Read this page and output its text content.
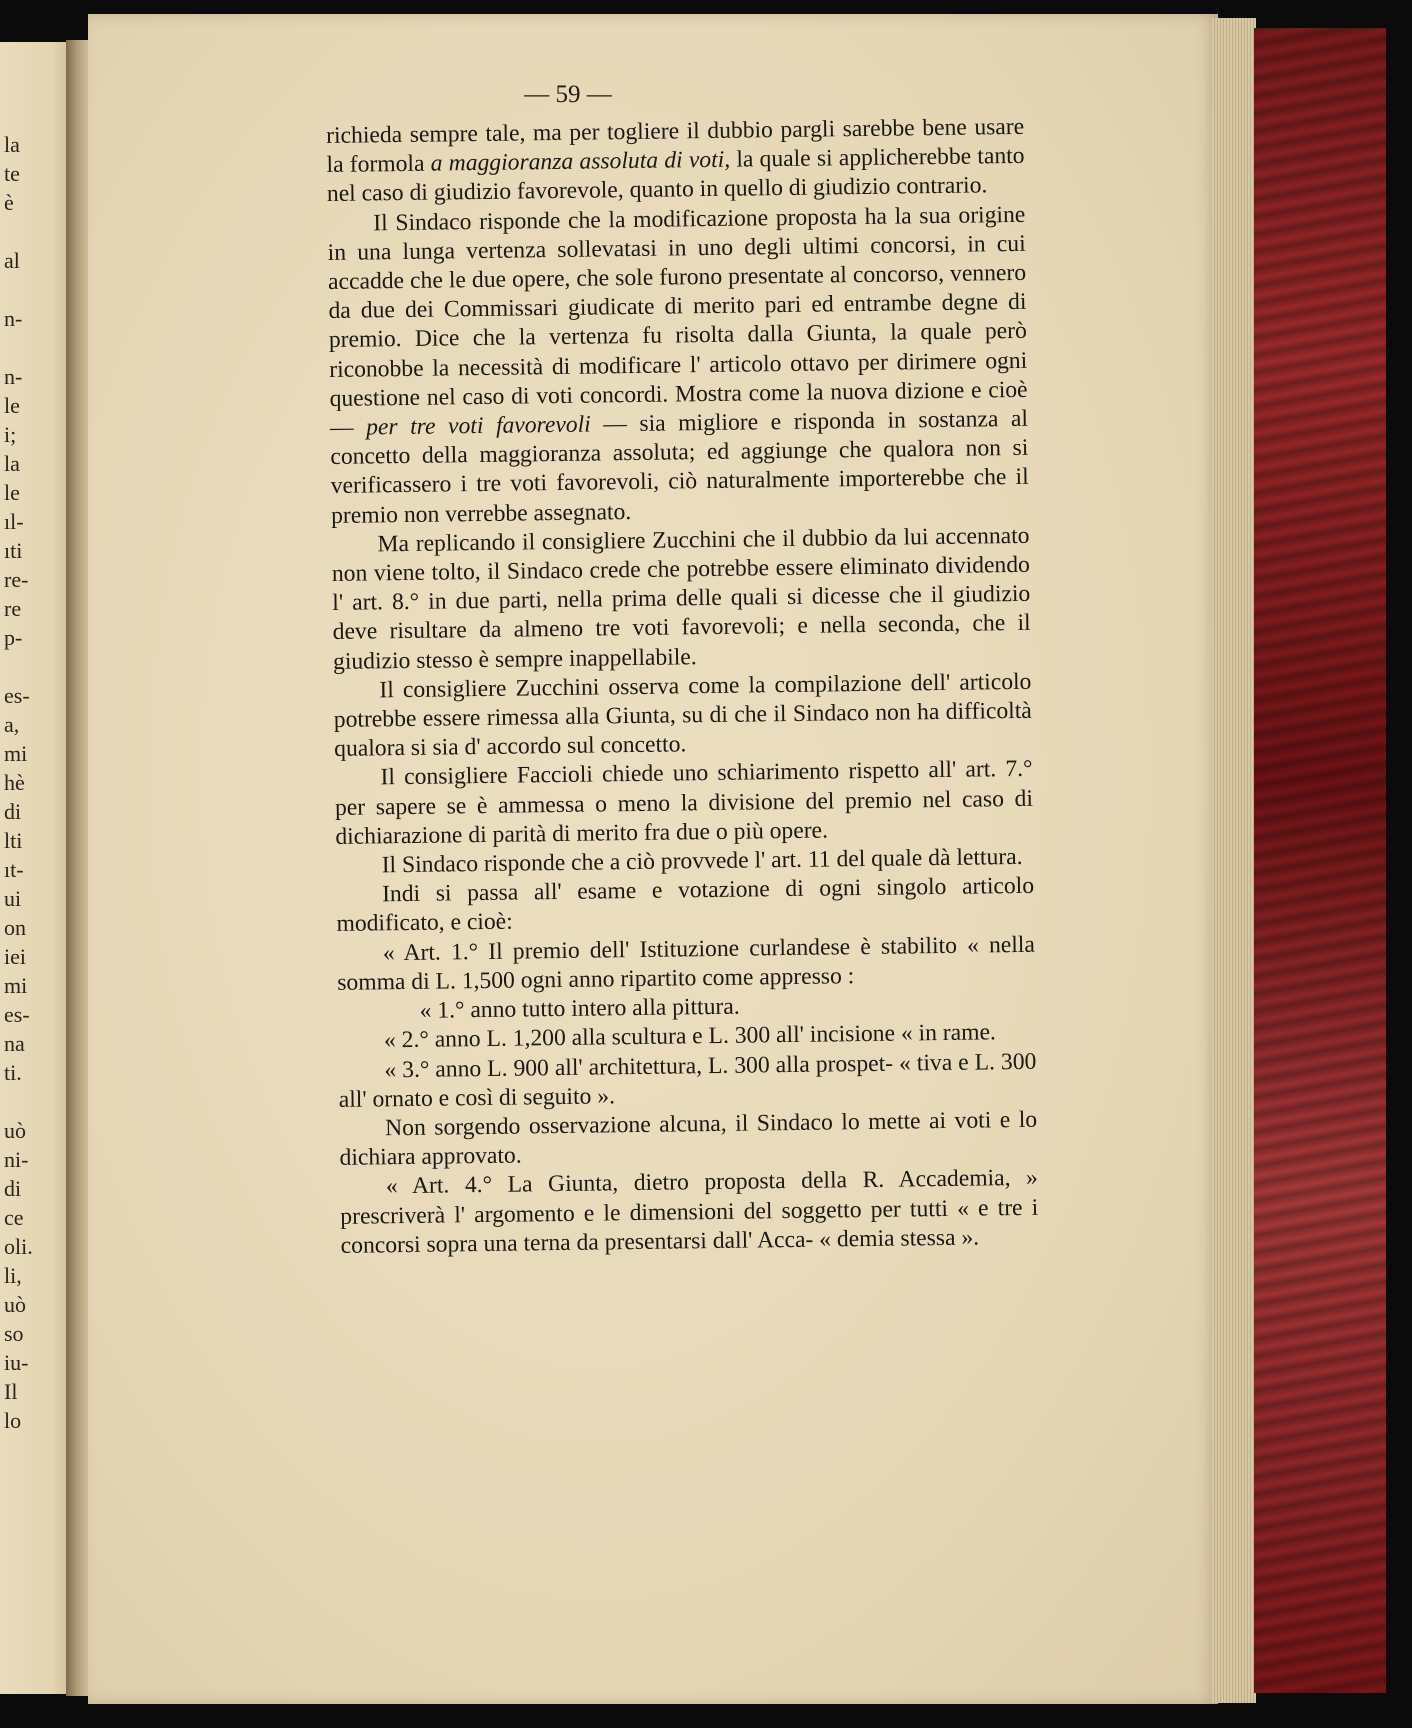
la
te
è
al
n-
n-
le
i;
la
le
ıl-
ıti
re-
re
p-
es-
a,
mi
hè
di
lti
ıt-
ui
on
iei
mi
es-
na
ti.
uò
ni-
di
ce
oli.
li,
uò
so
iu-
Il
lo
— 59 —

richieda sempre tale, ma per togliere il dubbio pargli sarebbe bene usare la formola a maggioranza assoluta di voti, la quale si applicherebbe tanto nel caso di giudizio favorevole, quanto in quello di giudizio contrario.

Il Sindaco risponde che la modificazione proposta ha la sua origine in una lunga vertenza sollevatasi in uno degli ultimi concorsi, in cui accadde che le due opere, che sole furono presentate al concorso, vennero da due dei Commissari giudicate di merito pari ed entrambe degne di premio. Dice che la vertenza fu risolta dalla Giunta, la quale però riconobbe la necessità di modificare l' articolo ottavo per dirimere ogni questione nel caso di voti concordi. Mostra come la nuova dizione e cioè — per tre voti favorevoli — sia migliore e risponda in sostanza al concetto della maggioranza assoluta; ed aggiunge che qualora non si verificassero i tre voti favorevoli, ciò naturalmente importerebbe che il premio non verrebbe assegnato.

Ma replicando il consigliere Zucchini che il dubbio da lui accennato non viene tolto, il Sindaco crede che potrebbe essere eliminato dividendo l' art. 8.° in due parti, nella prima delle quali si dicesse che il giudizio deve risultare da almeno tre voti favorevoli; e nella seconda, che il giudizio stesso è sempre inappellabile.

Il consigliere Zucchini osserva come la compilazione dell' articolo potrebbe essere rimessa alla Giunta, su di che il Sindaco non ha difficoltà qualora si sia d' accordo sul concetto.

Il consigliere Faccioli chiede uno schiarimento rispetto all' art. 7.° per sapere se è ammessa o meno la divisione del premio nel caso di dichiarazione di parità di merito fra due o più opere.

Il Sindaco risponde che a ciò provvede l' art. 11 del quale dà lettura.

Indi si passa all' esame e votazione di ogni singolo articolo modificato, e cioè:

« Art. 1.° Il premio dell' Istituzione curlandese è stabilito « nella somma di L. 1,500 ogni anno ripartito come appresso :

« 1.° anno tutto intero alla pittura.

« 2.° anno L. 1,200 alla scultura e L. 300 all' incisione « in rame.

« 3.° anno L. 900 all' architettura, L. 300 alla prospet- « tiva e L. 300 all' ornato e così di seguito ».

Non sorgendo osservazione alcuna, il Sindaco lo mette ai voti e lo dichiara approvato.

« Art. 4.° La Giunta, dietro proposta della R. Accademia, » prescriverà l' argomento e le dimensioni del soggetto per tutti « e tre i concorsi sopra una terna da presentarsi dall' Acca- « demia stessa ».
